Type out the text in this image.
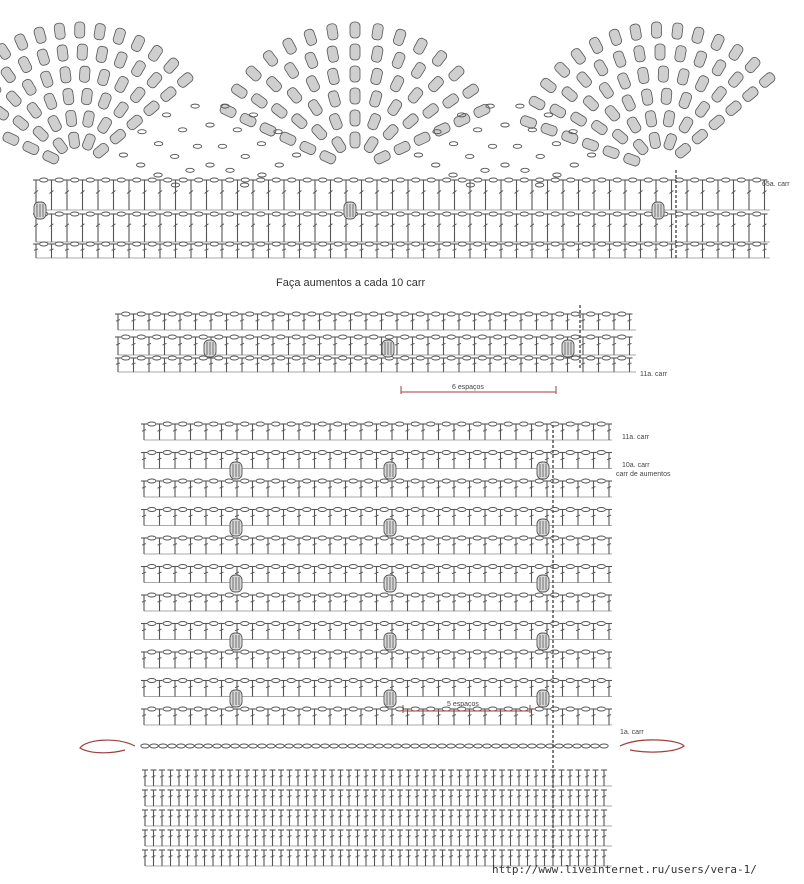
Faça aumentos a cada 10 carr
65a. carr
11a. carr
6 espaços
11a. carr
10a. carr
carr de aumentos
5 espaços
1a. carr
http://www.liveinternet.ru/users/vera-1/
